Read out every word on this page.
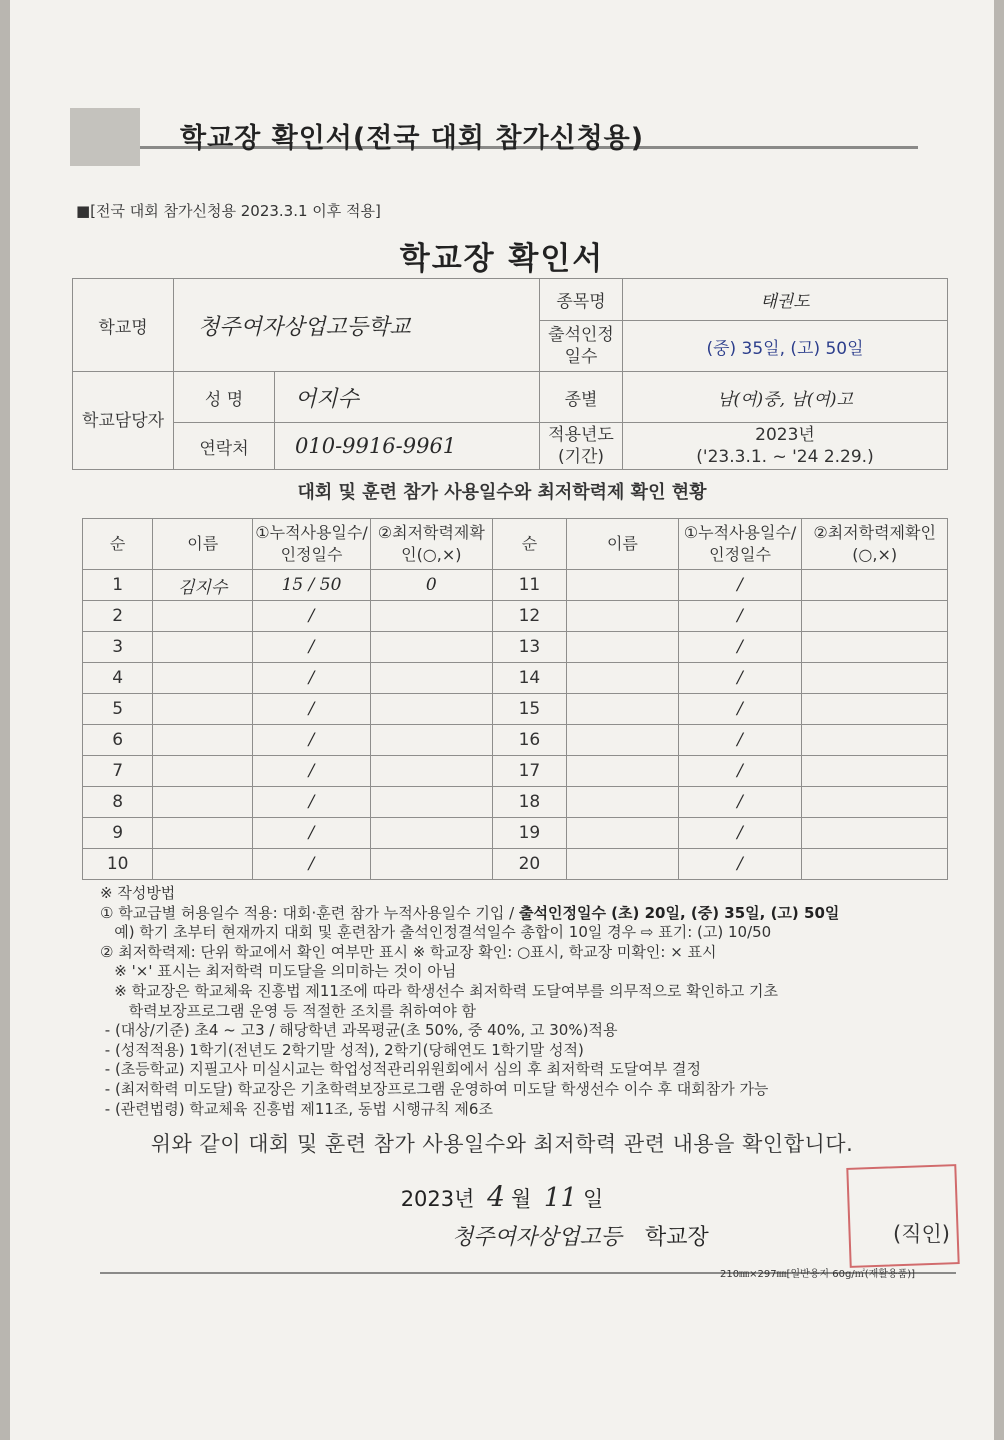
학교장 확인서(전국 대회 참가신청용)
■[전국 대회 참가신청용 2023.3.1 이후 적용]
학교장 확인서
학교명	청주여자상업고등학교		종목명	태권도
			출석인정일수	(중) 35일, (고) 50일
학교담당자	성 명	어지수	종별	남(여)중, 남(여)고
	연락처	010-9916-9961	적용년도(기간)	2023년
('23.3.1. ~ '24 2.29.)
대회 및 훈련 참가 사용일수와 최저학력제 확인 현황
순	이름	①누적사용일수/인정일수	②최저학력제확인(○,×)	순	이름	①누적사용일수/인정일수	②최저학력제확인(○,×)
1	김지수	15 / 50	0	11		/	
2		/		12		/	
3		/		13		/	
4		/		14		/	
5		/		15		/	
6		/		16		/	
7		/		17		/	
8		/		18		/	
9		/		19		/	
10		/		20		/	
※ 작성방법
① 학교급별 허용일수 적용: 대회·훈련 참가 누적사용일수 기입 / 출석인정일수 (초) 20일, (중) 35일, (고) 50일
예) 학기 초부터 현재까지 대회 및 훈련참가 출석인정결석일수 총합이 10일 경우 ⇨ 표기: (고) 10/50
② 최저학력제: 단위 학교에서 확인 여부만 표시 ※ 학교장 확인: ○표시, 학교장 미확인: × 표시
※ '×' 표시는 최저학력 미도달을 의미하는 것이 아님
※ 학교장은 학교체육 진흥법 제11조에 따라 학생선수 최저학력 도달여부를 의무적으로 확인하고 기초
학력보장프로그램 운영 등 적절한 조치를 취하여야 함
- (대상/기준) 초4 ~ 고3 / 해당학년 과목평균(초 50%, 중 40%, 고 30%)적용
- (성적적용) 1학기(전년도 2학기말 성적), 2학기(당해연도 1학기말 성적)
- (초등학교) 지필고사 미실시교는 학업성적관리위원회에서 심의 후 최저학력 도달여부 결정
- (최저학력 미도달) 학교장은 기초학력보장프로그램 운영하여 미도달 학생선수 이수 후 대회참가 가능
- (관련법령) 학교체육 진흥법 제11조, 동법 시행규칙 제6조
위와 같이 대회 및 훈련 참가 사용일수와 최저학력 관련 내용을 확인합니다.
2023년 4 월 11 일
청주여자상업고등 학교장	(직인)
210㎜×297㎜[일반용지 60g/㎡(재활용품)]
